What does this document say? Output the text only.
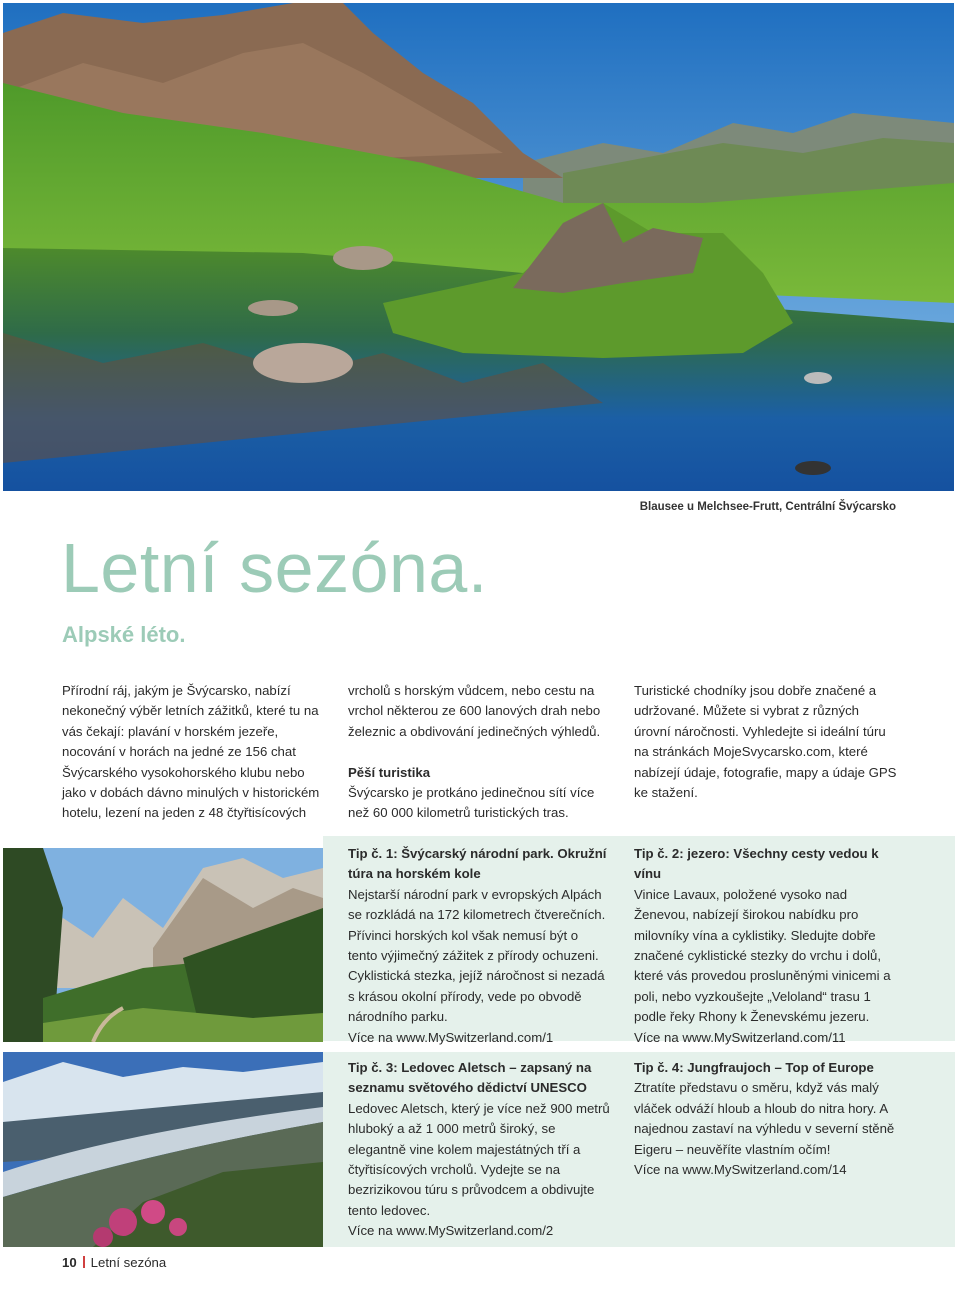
Blausee u Melchsee-Frutt, Centrální Švýcarsko
Letní sezóna.
Alpské léto.

Přírodní ráj, jakým je Švýcarsko, nabízí nekonečný výběr letních zážitků, které tu na vás čekají: plavání v horském jezeře, nocování v horách na jedné ze 156 chat Švýcarského vysokohorského klubu nebo jako v dobách dávno minulých v historickém hotelu, lezení na jeden z 48 čtyřtisícových

vrcholů s horským vůdcem, nebo cestu na vrchol některou ze 600 lanových drah nebo železnic a obdivování jedinečných výhledů.

Pěší turistika

Švýcarsko je protkáno jedinečnou sítí více než 60 000 kilometrů turistických tras.

Turistické chodníky jsou dobře značené a udržované. Můžete si vybrat z různých úrovní náročnosti. Vyhledejte si ideální túru na stránkách MojeSvycarsko.com, které nabízejí údaje, fotografie, mapy a údaje GPS ke stažení.

Tip č. 1: Švýcarský národní park. Okružní túra na horském kole

Nejstarší národní park v evropských Alpách se rozkládá na 172 kilometrech čtverečních. Přívinci horských kol však nemusí být o tento výjimečný zážitek z přírody ochuzeni. Cyklistická stezka, jejíž náročnost si nezadá s krásou okolní přírody, vede po obvodě národního parku.

Více na www.MySwitzerland.com/1

Tip č. 2: jezero: Všechny cesty vedou k vínu

Vinice Lavaux, položené vysoko nad Ženevou, nabízejí širokou nabídku pro milovníky vína a cyklistiky. Sledujte dobře značené cyklistické stezky do vrchu i dolů, které vás provedou prosluněnými vinicemi a poli, nebo vyzkoušejte „Veloland“ trasu 1 podle řeky Rhony k Ženevskému jezeru.

Více na www.MySwitzerland.com/11

Tip č. 3: Ledovec Aletsch – zapsaný na seznamu světového dědictví UNESCO

Ledovec Aletsch, který je více než 900 metrů hluboký a až 1 000 metrů široký, se elegantně vine kolem majestátných tří a čtyřtisícových vrcholů. Vydejte se na bezrizikovou túru s průvodcem a obdivujte tento ledovec.

Více na www.MySwitzerland.com/2

Tip č. 4: Jungfraujoch – Top of Europe

Ztratíte představu o směru, když vás malý vláček odváží hloub a hloub do nitra hory. A najednou zastaví na výhledu v severní stěně Eigeru – neuvěříte vlastním očím!

Více na www.MySwitzerland.com/14

10 Letní sezóna
